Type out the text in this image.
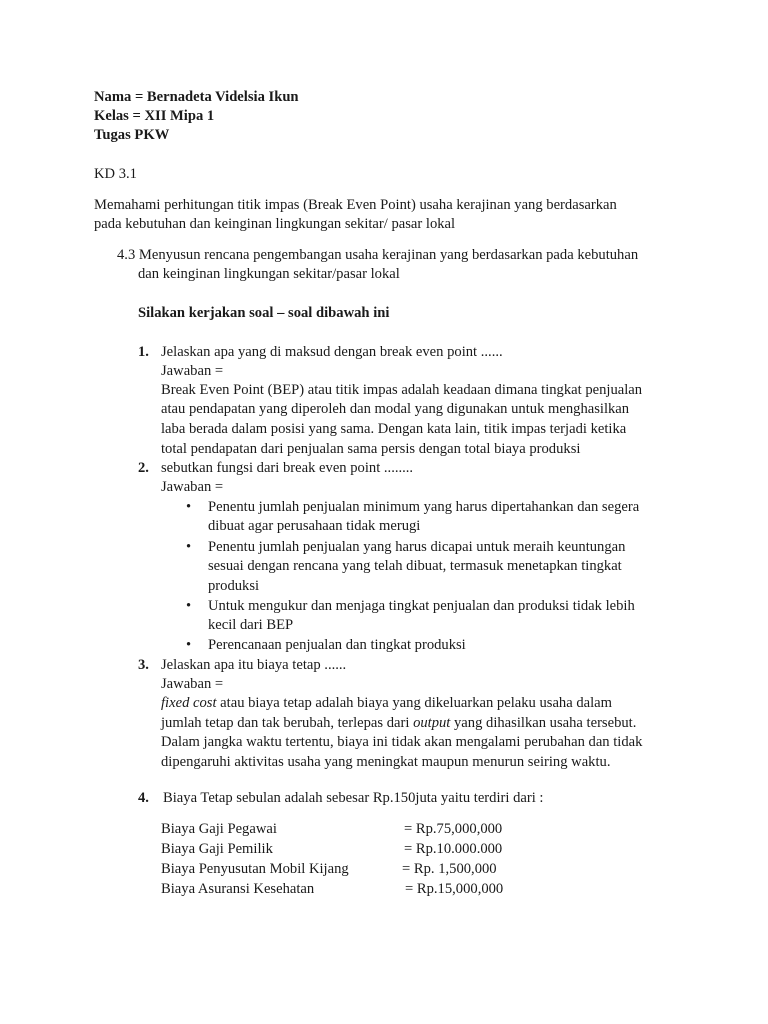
Nama = Bernadeta Videlsia Ikun
Kelas = XII Mipa 1
Tugas PKW
KD 3.1
Memahami perhitungan titik impas (Break Even Point) usaha kerajinan yang berdasarkan
pada kebutuhan dan keinginan lingkungan sekitar/ pasar lokal
4.3 Menyusun rencana pengembangan usaha kerajinan yang berdasarkan pada kebutuhan
dan keinginan lingkungan sekitar/pasar lokal
Silakan kerjakan soal – soal dibawah ini
1. Jelaskan apa yang di maksud dengan break even point ......
Jawaban =
Break Even Point (BEP) atau titik impas adalah keadaan dimana tingkat penjualan
atau pendapatan yang diperoleh dan modal yang digunakan untuk menghasilkan
laba berada dalam posisi yang sama. Dengan kata lain, titik impas terjadi ketika
total pendapatan dari penjualan sama persis dengan total biaya produksi
2. sebutkan fungsi dari break even point ........
Jawaban =
• Penentu jumlah penjualan minimum yang harus dipertahankan dan segera
dibuat agar perusahaan tidak merugi
• Penentu jumlah penjualan yang harus dicapai untuk meraih keuntungan
sesuai dengan rencana yang telah dibuat, termasuk menetapkan tingkat
produksi
• Untuk mengukur dan menjaga tingkat penjualan dan produksi tidak lebih
kecil dari BEP
• Perencanaan penjualan dan tingkat produksi
3. Jelaskan apa itu biaya tetap ......
Jawaban =
fixed cost atau biaya tetap adalah biaya yang dikeluarkan pelaku usaha dalam
jumlah tetap dan tak berubah, terlepas dari output yang dihasilkan usaha tersebut.
Dalam jangka waktu tertentu, biaya ini tidak akan mengalami perubahan dan tidak
dipengaruhi aktivitas usaha yang meningkat maupun menurun seiring waktu.
4. Biaya Tetap sebulan adalah sebesar Rp.150juta yaitu terdiri dari :
Biaya Gaji Pegawai	= Rp.75,000,000
Biaya Gaji Pemilik	= Rp.10.000.000
Biaya Penyusutan Mobil Kijang	= Rp. 1,500,000
Biaya Asuransi Kesehatan	= Rp.15,000,000
